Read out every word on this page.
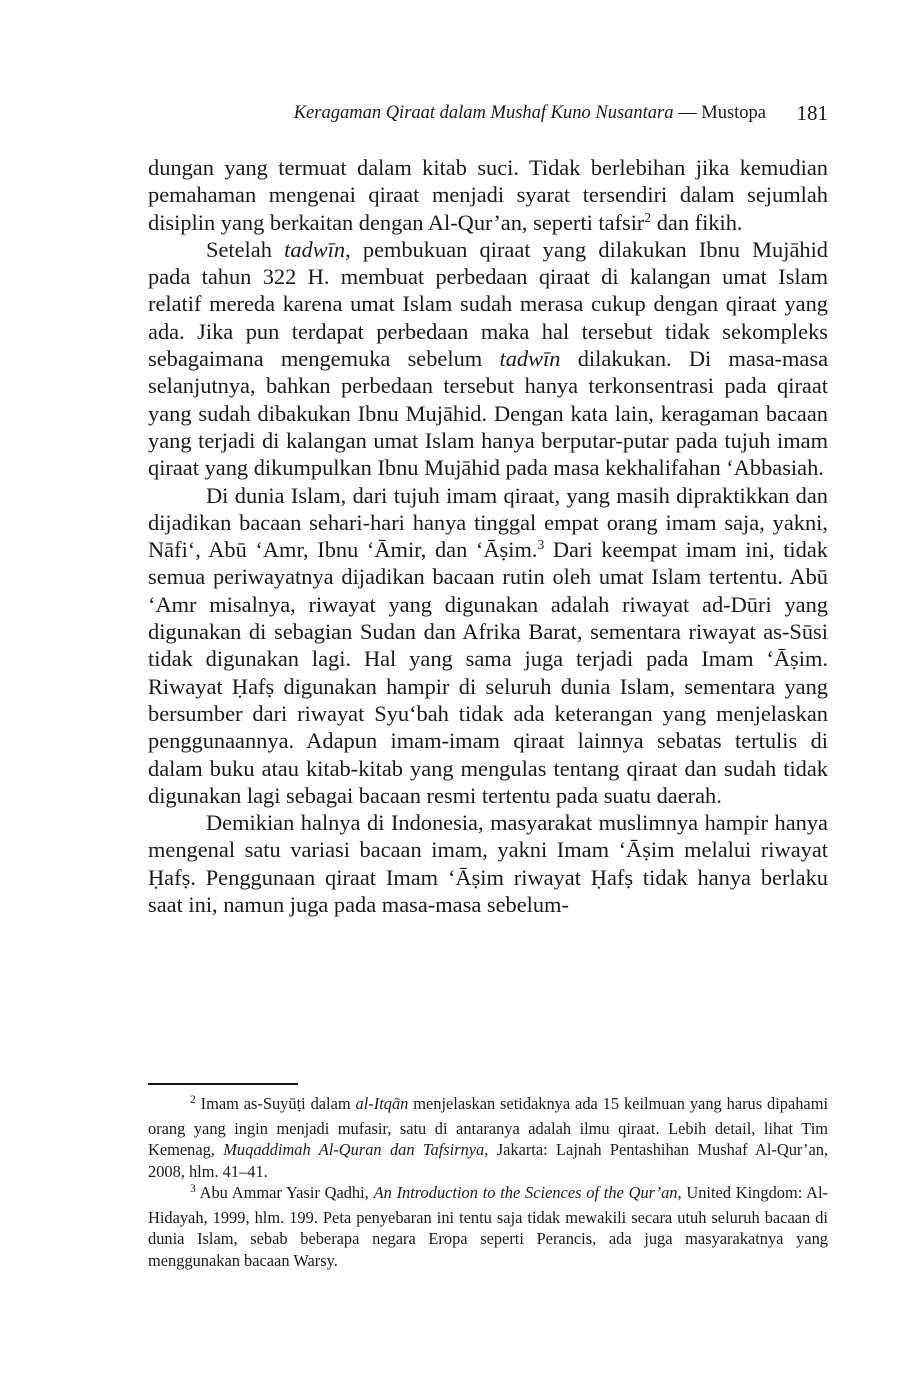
Keragaman Qiraat dalam Mushaf Kuno Nusantara — Mustopa 181

dungan yang termuat dalam kitab suci. Tidak berlebihan jika kemudian pemahaman mengenai qiraat menjadi syarat tersendiri dalam sejumlah disiplin yang berkaitan dengan Al-Qur’an, seperti tafsir$^2$ dan fikih.

Setelah tadwīn, pembukuan qiraat yang dilakukan Ibnu Mujāhid pada tahun 322 H. membuat perbedaan qiraat di kalangan umat Islam relatif mereda karena umat Islam sudah merasa cukup dengan qiraat yang ada. Jika pun terdapat perbedaan maka hal tersebut tidak sekompleks sebagaimana mengemuka sebelum tadwīn dilakukan. Di masa-masa selanjutnya, bahkan perbedaan tersebut hanya terkonsentrasi pada qiraat yang sudah dibakukan Ibnu Mujāhid. Dengan kata lain, keragaman bacaan yang terjadi di kalangan umat Islam hanya berputar-putar pada tujuh imam qiraat yang dikumpulkan Ibnu Mujāhid pada masa kekhalifahan ‘Abbasiah.

Di dunia Islam, dari tujuh imam qiraat, yang masih dipraktikkan dan dijadikan bacaan sehari-hari hanya tinggal empat orang imam saja, yakni, Nāfi‘, Abū ‘Amr, Ibnu ‘Āmir, dan ‘Āṣim.$^3$ Dari keempat imam ini, tidak semua periwayatnya dijadikan bacaan rutin oleh umat Islam tertentu. Abū ‘Amr misalnya, riwayat yang digunakan adalah riwayat ad-Dūri yang digunakan di sebagian Sudan dan Afrika Barat, sementara riwayat as-Sūsi tidak digunakan lagi. Hal yang sama juga terjadi pada Imam ‘Āṣim. Riwayat Ḥafṣ digunakan hampir di seluruh dunia Islam, sementara yang bersumber dari riwayat Syu‘bah tidak ada keterangan yang menjelaskan penggunaannya. Adapun imam-imam qiraat lainnya sebatas tertulis di dalam buku atau kitab-kitab yang mengulas tentang qiraat dan sudah tidak digunakan lagi sebagai bacaan resmi tertentu pada suatu daerah.

Demikian halnya di Indonesia, masyarakat muslimnya hampir hanya mengenal satu variasi bacaan imam, yakni Imam ‘Āṣim melalui riwayat Ḥafṣ. Penggunaan qiraat Imam ‘Āṣim riwayat Ḥafṣ tidak hanya berlaku saat ini, namun juga pada masa-masa sebelum-

$^2$ Imam as-Suyūṭi dalam al-Itqān menjelaskan setidaknya ada 15 keilmuan yang harus dipahami orang yang ingin menjadi mufasir, satu di antaranya adalah ilmu qiraat. Lebih detail, lihat Tim Kemenag, Muqaddimah Al-Quran dan Tafsirnya, Jakarta: Lajnah Pentashihan Mushaf Al-Qur’an, 2008, hlm. 41–41.

$^3$ Abu Ammar Yasir Qadhi, An Introduction to the Sciences of the Qur’an, United Kingdom: Al-Hidayah, 1999, hlm. 199. Peta penyebaran ini tentu saja tidak mewakili secara utuh seluruh bacaan di dunia Islam, sebab beberapa negara Eropa seperti Perancis, ada juga masyarakatnya yang menggunakan bacaan Warsy.
